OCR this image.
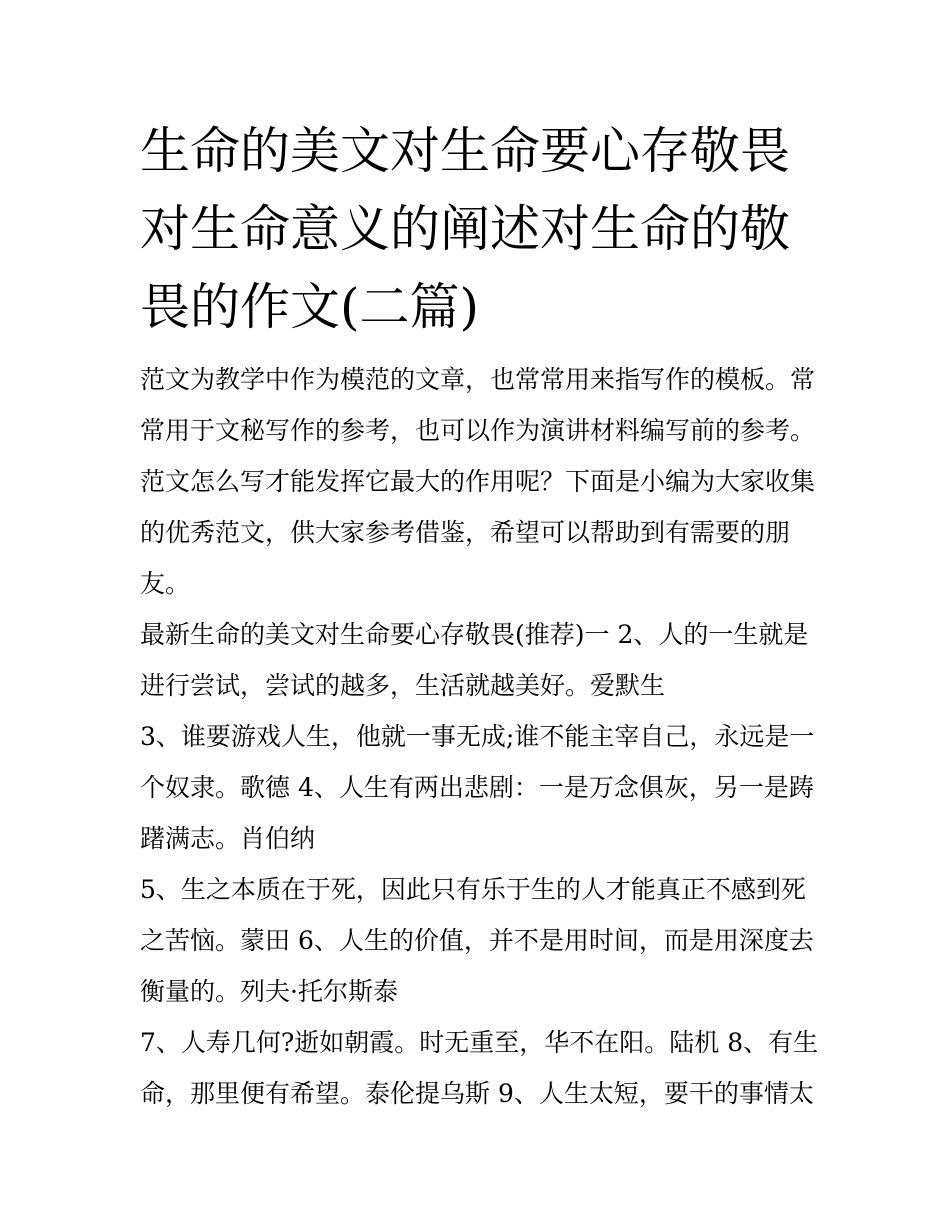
生命的美文对生命要心存敬畏
对生命意义的阐述对生命的敬
畏的作文(二篇)
范文为教学中作为模范的文章，也常常用来指写作的模板。常
常用于文秘写作的参考，也可以作为演讲材料编写前的参考。
范文怎么写才能发挥它最大的作用呢？下面是小编为大家收集
的优秀范文，供大家参考借鉴，希望可以帮助到有需要的朋
友。
最新生命的美文对生命要心存敬畏(推荐)一 2、人的一生就是
进行尝试，尝试的越多，生活就越美好。爱默生
3、谁要游戏人生，他就一事无成;谁不能主宰自己，永远是一
个奴隶。歌德 4、人生有两出悲剧：一是万念俱灰，另一是踌
躇满志。肖伯纳
5、生之本质在于死，因此只有乐于生的人才能真正不感到死
之苦恼。蒙田 6、人生的价值，并不是用时间，而是用深度去
衡量的。列夫·托尔斯泰
7、人寿几何?逝如朝霞。时无重至，华不在阳。陆机 8、有生
命，那里便有希望。泰伦提乌斯 9、人生太短，要干的事情太
